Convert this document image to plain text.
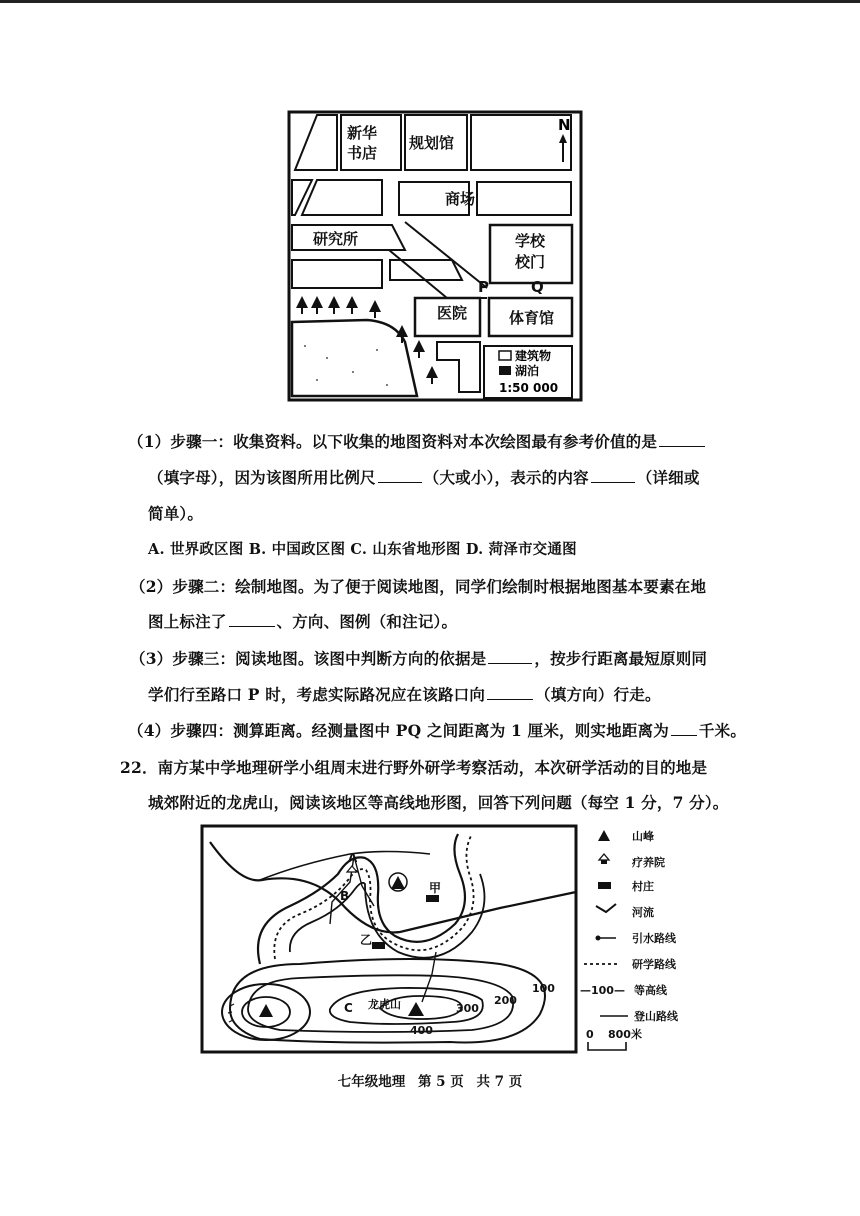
N
新华
书店
规划馆
商场
研究所	学校
校门
医院	体育馆
P	Q
建筑物
湖泊
1:50 000
（1）步骤一：收集资料。以下收集的地图资料对本次绘图最有参考价值的是
（填字母），因为该图所用比例尺	（大或小），表示的内容	（详细或
简单）。
A. 世界政区图 B. 中国政区图 C. 山东省地形图 D. 菏泽市交通图
（2）步骤二：绘制地图。为了便于阅读地图，同学们绘制时根据地图基本要素在地
图上标注了	、方向、图例（和注记）。
（3）步骤三：阅读地图。该图中判断方向的依据是	，按步行距离最短原则同
学们行至路口 P 时，考虑实际路况应在该路口向	（填方向）行走。
（4）步骤四：测算距离。经测量图中 PQ 之间距离为 1 厘米，则实地距离为 千米。
22．南方某中学地理研学小组周末进行野外研学考察活动，本次研学活动的目的地是
城郊附近的龙虎山，阅读该地区等高线地形图，回答下列问题（每空 1 分，7 分）。
A
B
C
甲
乙
龙虎山
100
200
300
400
山峰
疗养院
村庄
河流
引水路线
研学路线
—100— 等高线
登山路线
0 800米
七年级地理 第 5 页 共 7 页
